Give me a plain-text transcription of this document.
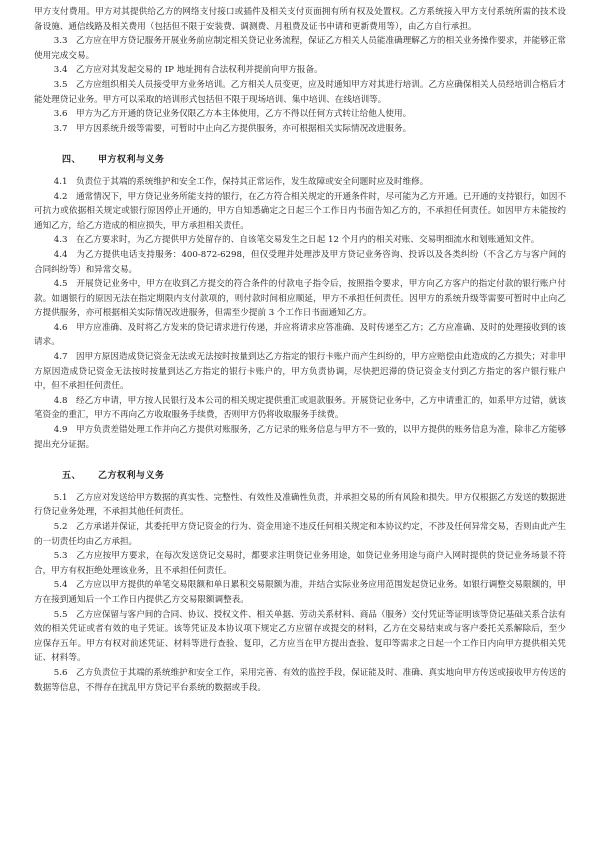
甲方支付费用。甲方对其提供给乙方的网络支付接口或插件及相关支付页面拥有所有权及处置权。乙方系统接入甲方支付系统所需的技术设备设施、通信线路及相关费用（包括但不限于安装费、调测费、月租费及证书申请和更新费用等），由乙方自行承担。

3.3　乙方应在甲方贷记服务开展业务前应制定相关贷记业务流程，保证乙方相关人员能准确理解乙方的相关业务操作要求，并能够正常使用完成交易。

3.4　乙方应对其发起交易的 IP 地址拥有合法权利并提前向甲方报备。

3.5　乙方应组织相关人员接受甲方业务培训。乙方相关人员变更，应及时通知甲方对其进行培训。乙方应确保相关人员经培训合格后才能处理贷记业务。甲方可以采取的培训形式包括但不限于现场培训、集中培训、在线培训等。

3.6　甲方为乙方开通的贷记业务仅限乙方本主体使用，乙方不得以任何方式转让给他人使用。

3.7　甲方因系统升级等需要，可暂时中止向乙方提供服务，亦可根据相关实际情况改进服务。

四、 甲方权利与义务

4.1　负责位于其端的系统维护和安全工作，保持其正常运作，发生故障或安全问题时应及时维修。

4.2　通常情况下，甲方贷记业务所能支持的银行，在乙方符合相关规定的开通条件时，尽可能为乙方开通。已开通的支持银行，如因不可抗力或依据相关规定或银行原因停止开通的，甲方自知悉确定之日起三个工作日内书面告知乙方的，不承担任何责任。如因甲方未能按约通知乙方，给乙方造成的相应损失，甲方承担相关责任。

4.3　在乙方要求时，为乙方提供甲方处留存的、自该笔交易发生之日起 12 个月内的相关对账、交易明细流水和划账通知文件。

4.4　为乙方提供电话支持服务：400-872-6298，但仅受理并处理涉及甲方贷记业务咨询、投诉以及各类纠纷（不含乙方与客户间的合同纠纷等）和异常交易。

4.5　开展贷记业务中，甲方在收到乙方提交的符合条件的付款电子指令后，按照指令要求，甲方向乙方客户的指定付款的银行账户付款。如遇银行的原因无法在指定期限内支付款项的，则付款时间相应顺延，甲方不承担任何责任。因甲方的系统升级等需要可暂时中止向乙方提供服务，亦可根据相关实际情况改进服务，但需至少提前 3 个工作日书面通知乙方。

4.6　甲方应准确、及时将乙方发来的贷记请求进行传递，并应将请求应答准确、及时传递至乙方；乙方应准确、及时的处理接收到的该请求。

4.7　因甲方原因造成贷记资金无法或无法按时按量到达乙方指定的银行卡账户而产生纠纷的，甲方应赔偿由此造成的乙方损失；对非甲方原因造成贷记资金无法按时按量到达乙方指定的银行卡账户的，甲方负责协调，尽快把迟滞的贷记资金支付到乙方指定的客户银行账户中，但不承担任何责任。

4.8　经乙方申请，甲方按人民银行及本公司的相关规定提供重汇或退款服务。开展贷记业务中，乙方申请重汇的，如系甲方过错，就该笔资金的重汇，甲方不再向乙方收取服务手续费，否则甲方仍将收取服务手续费。

4.9　甲方负责差错处理工作并向乙方提供对账服务，乙方记录的账务信息与甲方不一致的，以甲方提供的账务信息为准，除非乙方能够提出充分证据。

五、 乙方权利与义务

5.1　乙方应对发送给甲方数据的真实性、完整性、有效性及准确性负责，并承担交易的所有风险和损失。甲方仅根据乙方发送的数据进行贷记业务处理，不承担其他任何责任。

5.2　乙方承诺并保证，其委托甲方贷记资金的行为、资金用途不违反任何相关规定和本协议约定，不涉及任何异常交易，否则由此产生的一切责任均由乙方承担。

5.3　乙方应按甲方要求，在每次发送贷记交易时，都要求注明贷记业务用途，如贷记业务用途与商户入网时提供的贷记业务场景不符合，甲方有权拒绝处理该业务，且不承担任何责任。

5.4　乙方应以甲方提供的单笔交易限额和单日累积交易限额为准，并结合实际业务应用范围发起贷记业务。如银行调整交易限额的，甲方在接到通知后一个工作日内提供乙方交易限额调整表。

5.5　乙方应保留与客户间的合同、协议、授权文件、相关单据、劳动关系材料、商品（服务）交付凭证等证明该等贷记基础关系合法有效的相关凭证或者有效的电子凭证。该等凭证及本协议项下规定乙方应留存或提交的材料，乙方在交易结束或与客户委托关系解除后，至少应保存五年。甲方有权对前述凭证、材料等进行查验、复印，乙方应当在甲方提出查验、复印等需求之日起一个工作日内向甲方提供相关凭证、材料等。

5.6　乙方负责位于其端的系统维护和安全工作，采用完善、有效的监控手段，保证能及时、准确、真实地向甲方传送或接收甲方传送的数据等信息，不得存在扰乱甲方贷记平台系统的数据或手段。
